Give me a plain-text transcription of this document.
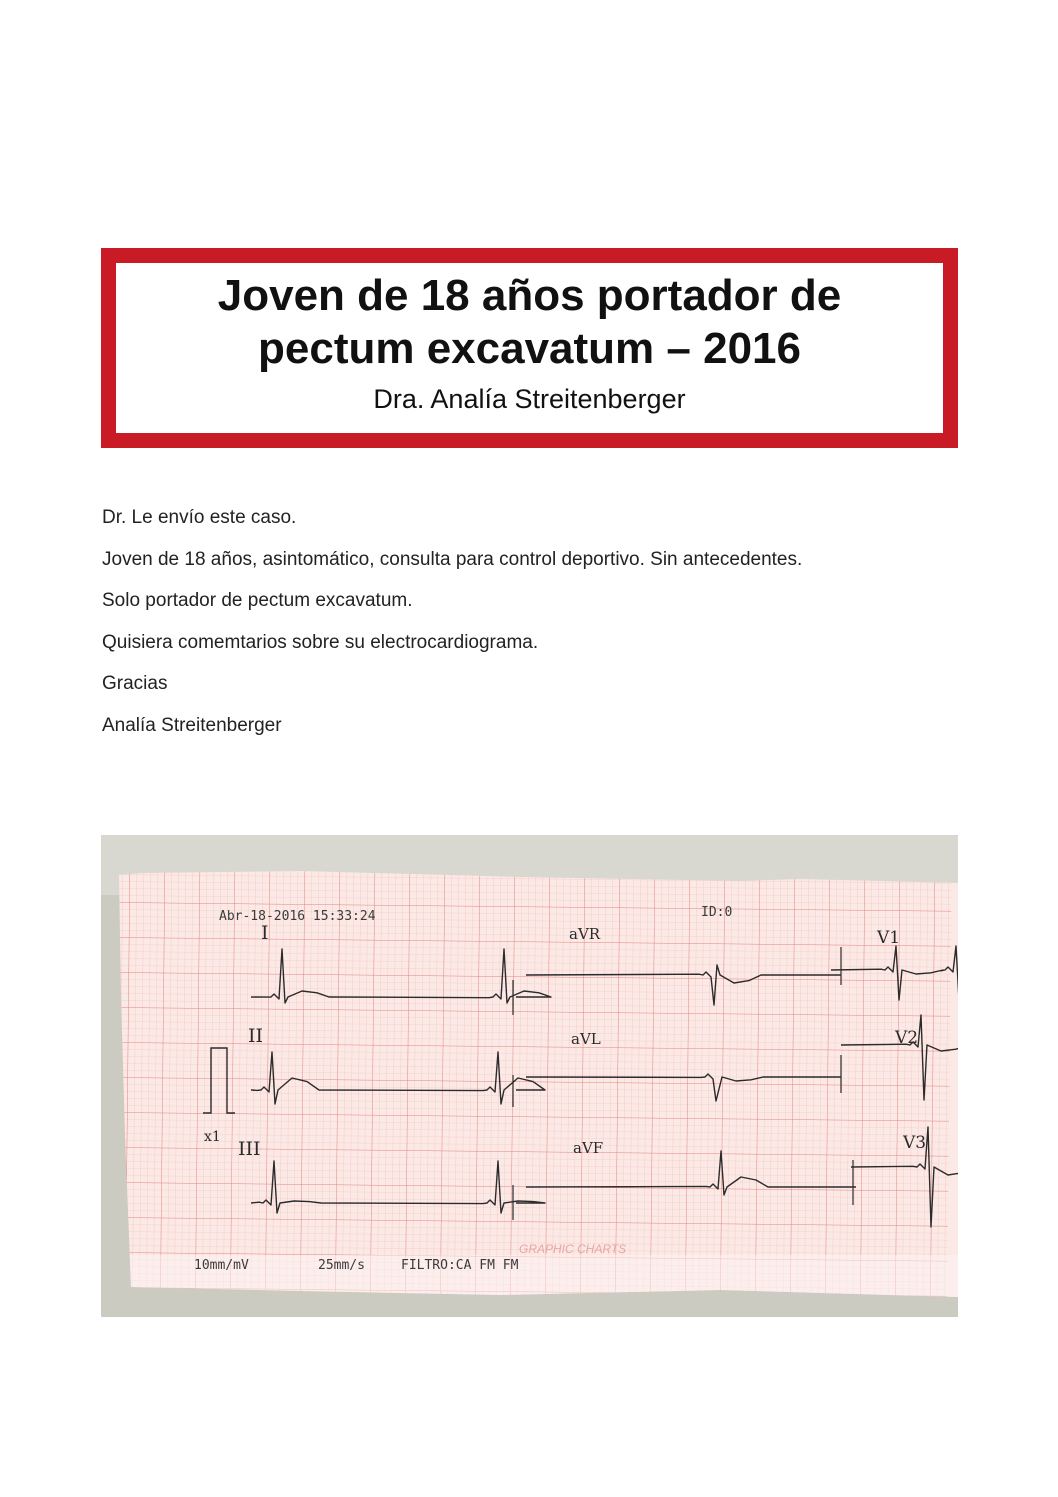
Joven de 18 años portador de
pectum excavatum – 2016
Dra. Analía Streitenberger

Dr. Le envío este caso.

Joven de 18 años, asintomático, consulta para control deportivo. Sin antecedentes.

Solo portador de pectum excavatum.

Quisiera comemtarios sobre su electrocardiograma.

Gracias

Analía Streitenberger

Abr-18-2016 15:33:24	ID:0
I
II
III
aVR
aVL
aVF
V1
V2
V3
x1
10mm/mV	25mm/s	FILTRO:CA FM FM
GRAPHIC CHARTS
